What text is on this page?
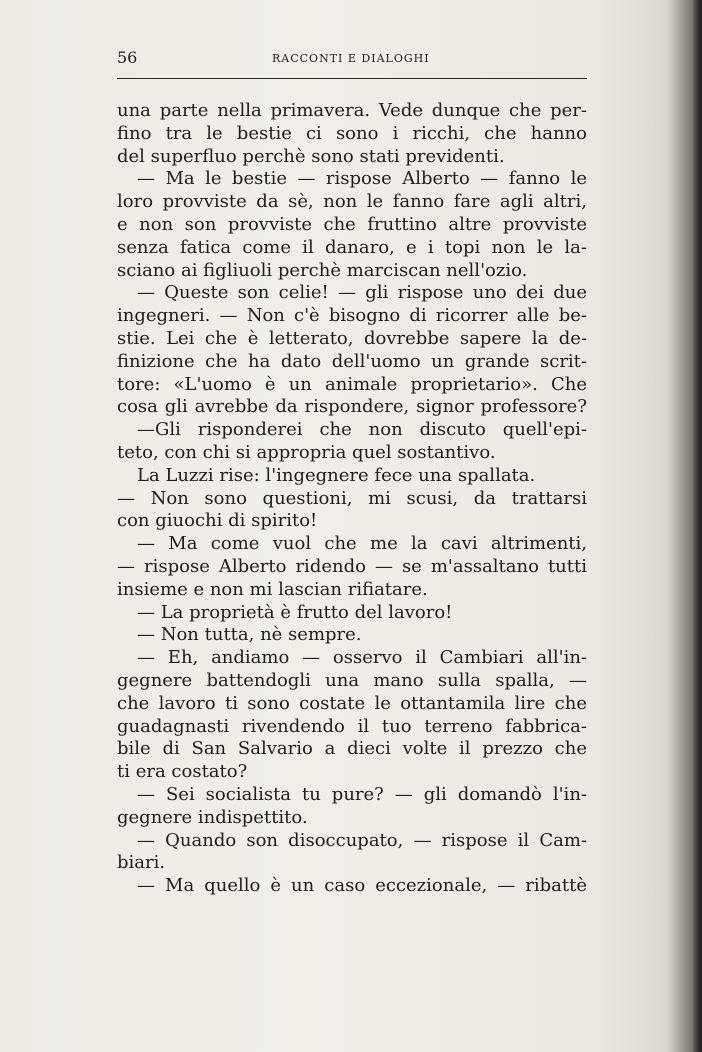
56	RACCONTI E DIALOGHI
una parte nella primavera. Vede dunque che per-
fino tra le bestie ci sono i ricchi, che hanno
del superfluo perchè sono stati previdenti.
— Ma le bestie — rispose Alberto — fanno le
loro provviste da sè, non le fanno fare agli altri,
e non son provviste che fruttino altre provviste
senza fatica come il danaro, e i topi non le la-
sciano ai figliuoli perchè marciscan nell'ozio.
— Queste son celie! — gli rispose uno dei due
ingegneri. — Non c'è bisogno di ricorrer alle be-
stie. Lei che è letterato, dovrebbe sapere la de-
finizione che ha dato dell'uomo un grande scrit-
tore: «L'uomo è un animale proprietario». Che
cosa gli avrebbe da rispondere, signor professore?
—Gli risponderei che non discuto quell'epi-
teto, con chi si appropria quel sostantivo.
La Luzzi rise: l'ingegnere fece una spallata.
— Non sono questioni, mi scusi, da trattarsi
con giuochi di spirito!
— Ma come vuol che me la cavi altrimenti,
— rispose Alberto ridendo — se m'assaltano tutti
insieme e non mi lascian rifiatare.
— La proprietà è frutto del lavoro!
— Non tutta, nè sempre.
— Eh, andiamo — osservo il Cambiari all'in-
gegnere battendogli una mano sulla spalla, —
che lavoro ti sono costate le ottantamila lire che
guadagnasti rivendendo il tuo terreno fabbrica-
bile di San Salvario a dieci volte il prezzo che
ti era costato?
— Sei socialista tu pure? — gli domandò l'in-
gegnere indispettito.
— Quando son disoccupato, — rispose il Cam-
biari.
— Ma quello è un caso eccezionale, — ribattè
